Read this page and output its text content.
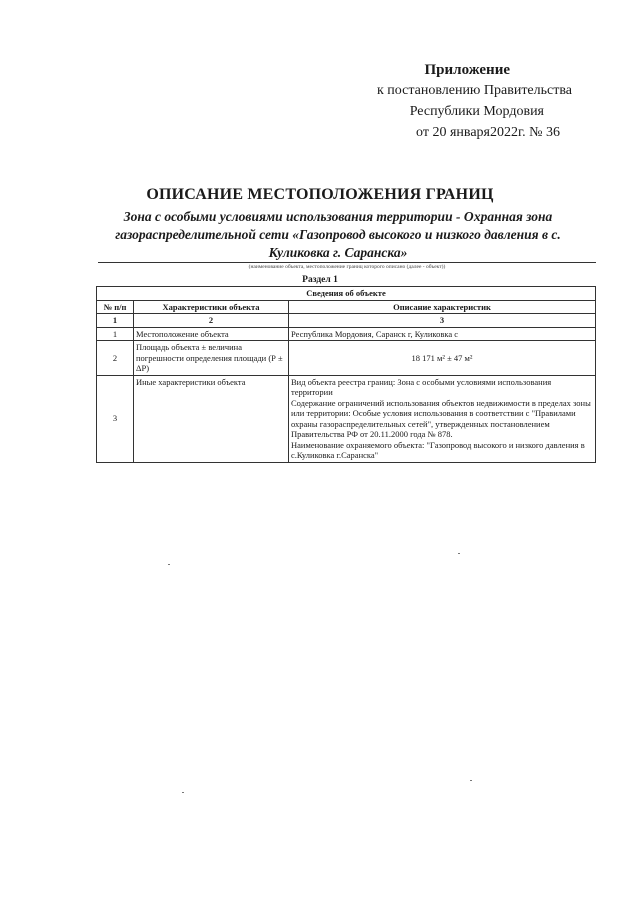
Приложение
к постановлению Правительства
Республики Мордовия
от 20 января2022г. № 36
ОПИСАНИЕ МЕСТОПОЛОЖЕНИЯ ГРАНИЦ
Зона с особыми условиями использования территории - Охранная зона газораспределительной сети «Газопровод высокого и низкого давления в с. Куликовка г. Саранска»
(наименование объекта, местоположение границ которого описано (далее - объект))
Раздел 1
Сведения об объекте		
№ п/п	Характеристики объекта	Описание характеристик
1	2	3
1	Местоположение объекта	Республика Мордовия, Саранск г, Куликовка с
2	Площадь объекта ± величина погрешности определения площади (Р ± ΔР)	18 171 м² ± 47 м²
3	Иные характеристики объекта	Вид объекта реестра границ: Зона с особыми условиями использования территории
Содержание ограничений использования объектов недвижимости в пределах зоны или территории: Особые условия использования в соответствии с "Правилами охраны газораспределительных сетей", утвержденных постановлением Правительства РФ от 20.11.2000 года № 878.
Наименование охраняемого объекта: "Газопровод высокого и низкого давления в с.Куликовка г.Саранска"
